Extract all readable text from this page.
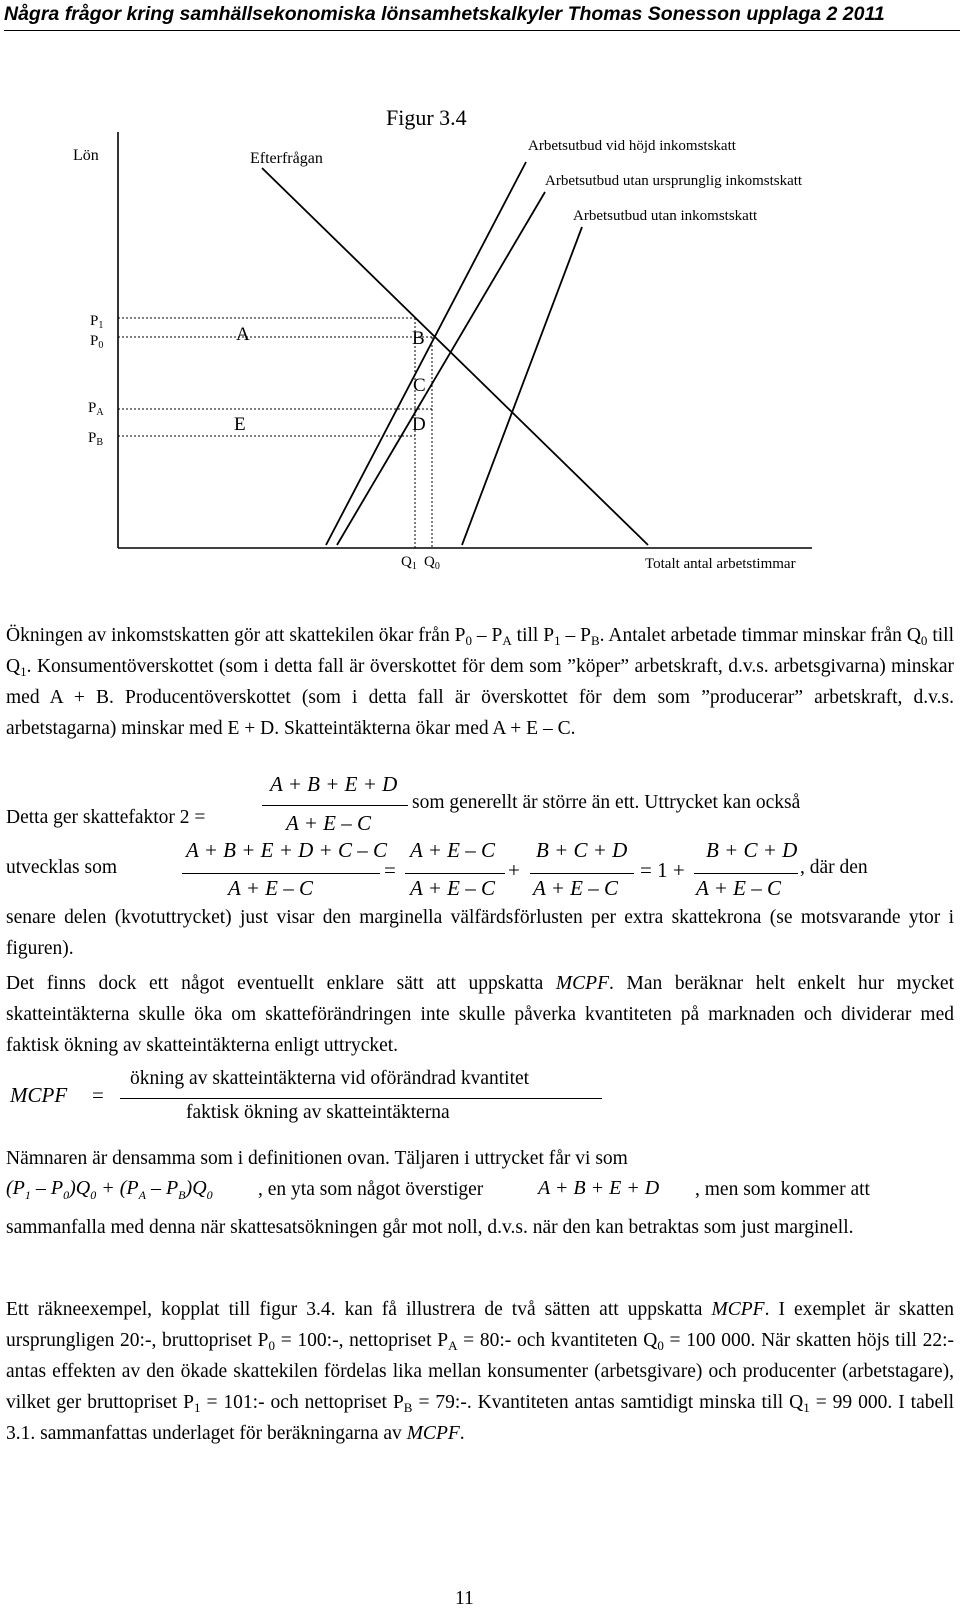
Några frågor kring samhällsekonomiska lönsamhetskalkyler Thomas Sonesson upplaga 2 2011
Figur 3.4
Lön	Efterfrågan
Arbetsutbud vid höjd inkomstskatt
Arbetsutbud utan ursprunglig inkomstskatt
Arbetsutbud utan inkomstskatt
Totalt antal arbetstimmar
$P_1$
$P_0$
$P_A$
$P_B$
A	B
C
D
E
$Q_1$ $Q_0$
Ökningen av inkomstskatten gör att skattekilen ökar från $P_0 - P_A$ till $P_1 - P_B$. Antalet arbetade timmar minskar från $Q_0$ till $Q_1$. Konsumentöverskottet (som i detta fall är överskottet för dem som ”köper” arbetskraft, d.v.s. arbetsgivarna) minskar med A + B. Producentöverskottet (som i detta fall är överskottet för dem som ”producerar” arbetskraft, d.v.s. arbetstagarna) minskar med E + D. Skatteintäkterna ökar med A + E – C.
Detta ger skattefaktor 2 =
A + B + E + D
A + E – C
som generellt är större än ett. Uttrycket kan också
utvecklas som
A + B + E + D + C – C
A + E – C
=
A + E – C
A + E – C
+
B + C + D
A + E – C
= 1 +
B + C + D
A + E – C
, där den
senare delen (kvotuttrycket) just visar den marginella välfärdsförlusten per extra skattekrona (se motsvarande ytor i figuren).
Det finns dock ett något eventuellt enklare sätt att uppskatta MCPF. Man beräknar helt enkelt hur mycket skatteintäkterna skulle öka om skatteförändringen inte skulle påverka kvantiteten på marknaden och dividerar med faktisk ökning av skatteintäkterna enligt uttrycket.
MCPF =
ökning av skatteintäkterna vid oförändrad kvantitet
faktisk ökning av skatteintäkterna
Nämnaren är densamma som i definitionen ovan. Täljaren i uttrycket får vi som
$(P_1 - P_0)Q_0 + (P_A - P_B)Q_0$ , en yta som något överstiger	A + B + E + D , men som kommer att
sammanfalla med denna när skattesatsökningen går mot noll, d.v.s. när den kan betraktas som just marginell.
Ett räkneexempel, kopplat till figur 3.4. kan få illustrera de två sätten att uppskatta MCPF. I exemplet är skatten ursprungligen 20:-, bruttopriset $P_0$ = 100:-, nettopriset $P_A$ = 80:- och kvantiteten $Q_0 = 100$ 000. När skatten höjs till 22:- antas effekten av den ökade skattekilen fördelas lika mellan konsumenter (arbetsgivare) och producenter (arbetstagare), vilket ger bruttopriset $P_1$ = 101:- och nettopriset $P_B$ = 79:-. Kvantiteten antas samtidigt minska till $Q_1 = 99$ 000. I tabell 3.1. sammanfattas underlaget för beräkningarna av MCPF.
11
